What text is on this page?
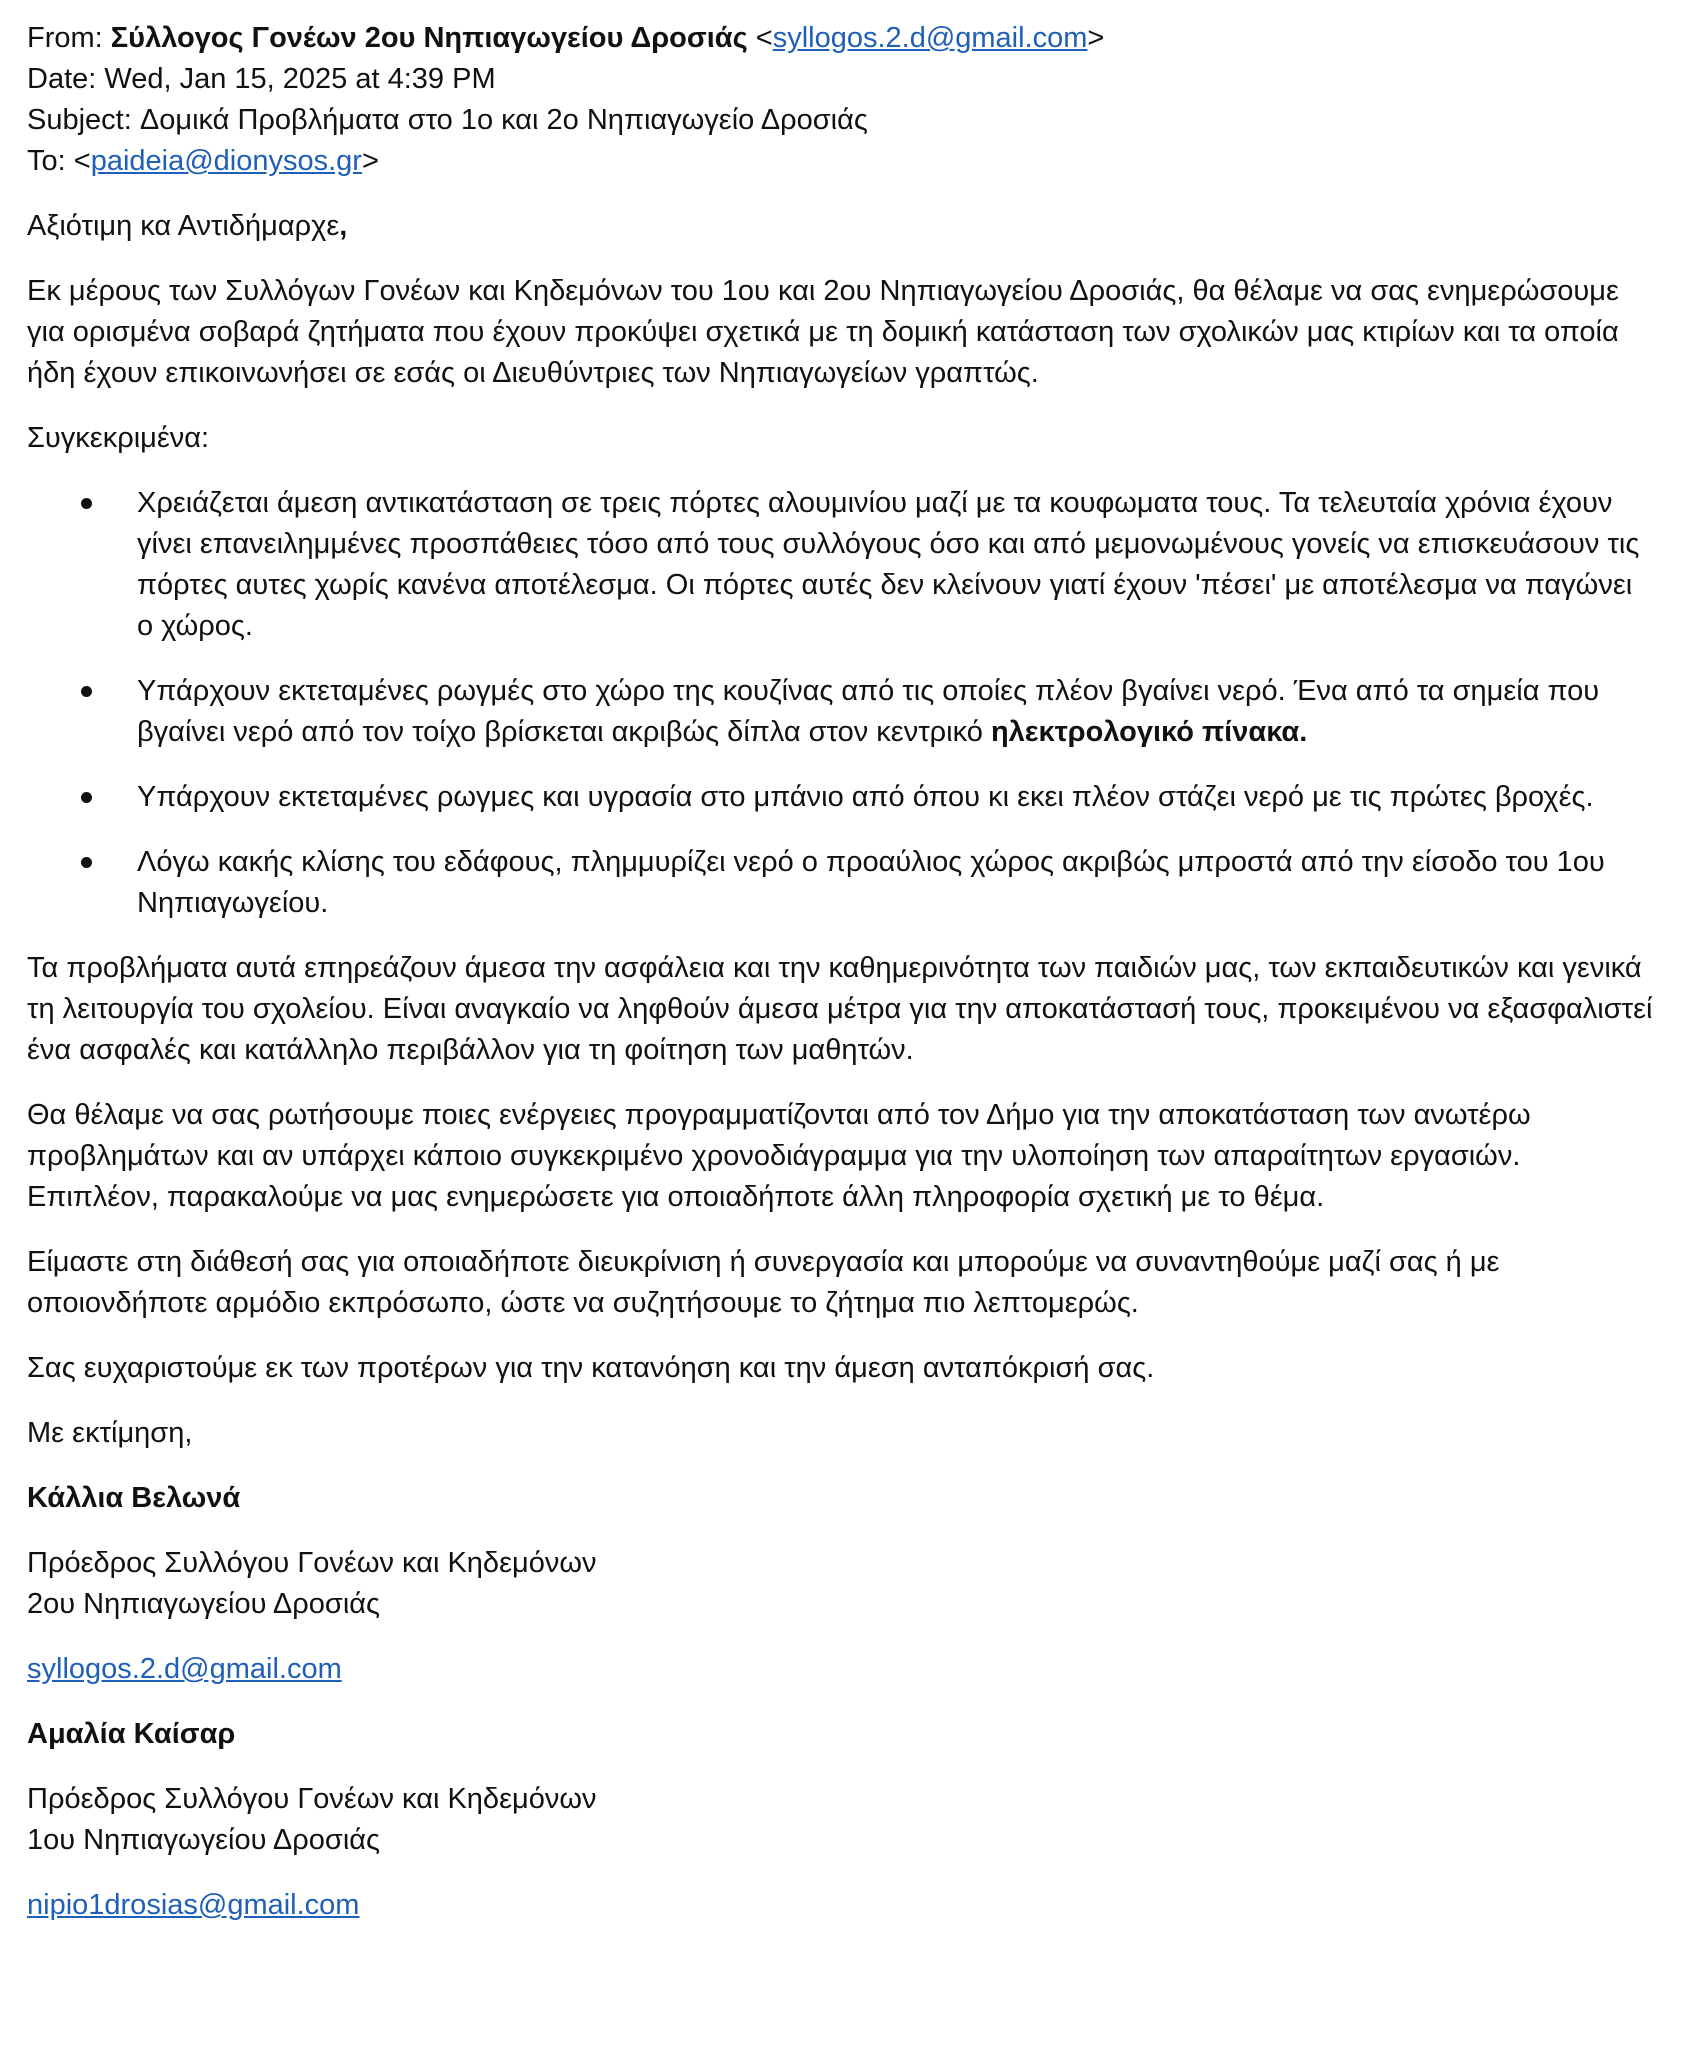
From: Σύλλογος Γονέων 2ου Νηπιαγωγείου Δροσιάς <syllogos.2.d@gmail.com>

Date: Wed, Jan 15, 2025 at 4:39 PM

Subject: Δομικά Προβλήματα στο 1ο και 2ο Νηπιαγωγείο Δροσιάς

To: <paideia@dionysos.gr>

Αξιότιμη κα Αντιδήμαρχε,

Εκ μέρους των Συλλόγων Γονέων και Κηδεμόνων του 1ου και 2ου Νηπιαγωγείου Δροσιάς, θα θέλαμε να σας ενημερώσουμε για ορισμένα σοβαρά ζητήματα που έχουν προκύψει σχετικά με τη δομική κατάσταση των σχολικών μας κτιρίων και τα οποία ήδη έχουν επικοινωνήσει σε εσάς οι Διευθύντριες των Νηπιαγωγείων γραπτώς.

Συγκεκριμένα:

Χρειάζεται άμεση αντικατάσταση σε τρεις πόρτες αλουμινίου μαζί με τα κουφωματα τους. Τα τελευταία χρόνια έχουν γίνει επανειλημμένες προσπάθειες τόσο από τους συλλόγους όσο και από μεμονωμένους γονείς να επισκευάσουν τις πόρτες αυτες χωρίς κανένα αποτέλεσμα. Οι πόρτες αυτές δεν κλείνουν γιατί έχουν 'πέσει' με αποτέλεσμα να παγώνει ο χώρος.
Υπάρχουν εκτεταμένες ρωγμές στο χώρο της κουζίνας από τις οποίες πλέον βγαίνει νερό. Ένα από τα σημεία που βγαίνει νερό από τον τοίχο βρίσκεται ακριβώς δίπλα στον κεντρικό ηλεκτρολογικό πίνακα.
Υπάρχουν εκτεταμένες ρωγμες και υγρασία στο μπάνιο από όπου κι εκει πλέον στάζει νερό με τις πρώτες βροχές.
Λόγω κακής κλίσης του εδάφους, πλημμυρίζει νερό ο προαύλιος χώρος ακριβώς μπροστά από την είσοδο του 1ου Νηπιαγωγείου.

Τα προβλήματα αυτά επηρεάζουν άμεσα την ασφάλεια και την καθημερινότητα των παιδιών μας, των εκπαιδευτικών και γενικά τη λειτουργία του σχολείου. Είναι αναγκαίο να ληφθούν άμεσα μέτρα για την αποκατάστασή τους, προκειμένου να εξασφαλιστεί ένα ασφαλές και κατάλληλο περιβάλλον για τη φοίτηση των μαθητών.

Θα θέλαμε να σας ρωτήσουμε ποιες ενέργειες προγραμματίζονται από τον Δήμο για την αποκατάσταση των ανωτέρω προβλημάτων και αν υπάρχει κάποιο συγκεκριμένο χρονοδιάγραμμα για την υλοποίηση των απαραίτητων εργασιών. Επιπλέον, παρακαλούμε να μας ενημερώσετε για οποιαδήποτε άλλη πληροφορία σχετική με το θέμα.

Είμαστε στη διάθεσή σας για οποιαδήποτε διευκρίνιση ή συνεργασία και μπορούμε να συναντηθούμε μαζί σας ή με οποιονδήποτε αρμόδιο εκπρόσωπο, ώστε να συζητήσουμε το ζήτημα πιο λεπτομερώς.

Σας ευχαριστούμε εκ των προτέρων για την κατανόηση και την άμεση ανταπόκρισή σας.

Με εκτίμηση,

Κάλλια Βελωνά

Πρόεδρος Συλλόγου Γονέων και Κηδεμόνων
2ου Νηπιαγωγείου Δροσιάς

syllogos.2.d@gmail.com

Αμαλία Καίσαρ

Πρόεδρος Συλλόγου Γονέων και Κηδεμόνων
1ου Νηπιαγωγείου Δροσιάς

nipio1drosias@gmail.com
